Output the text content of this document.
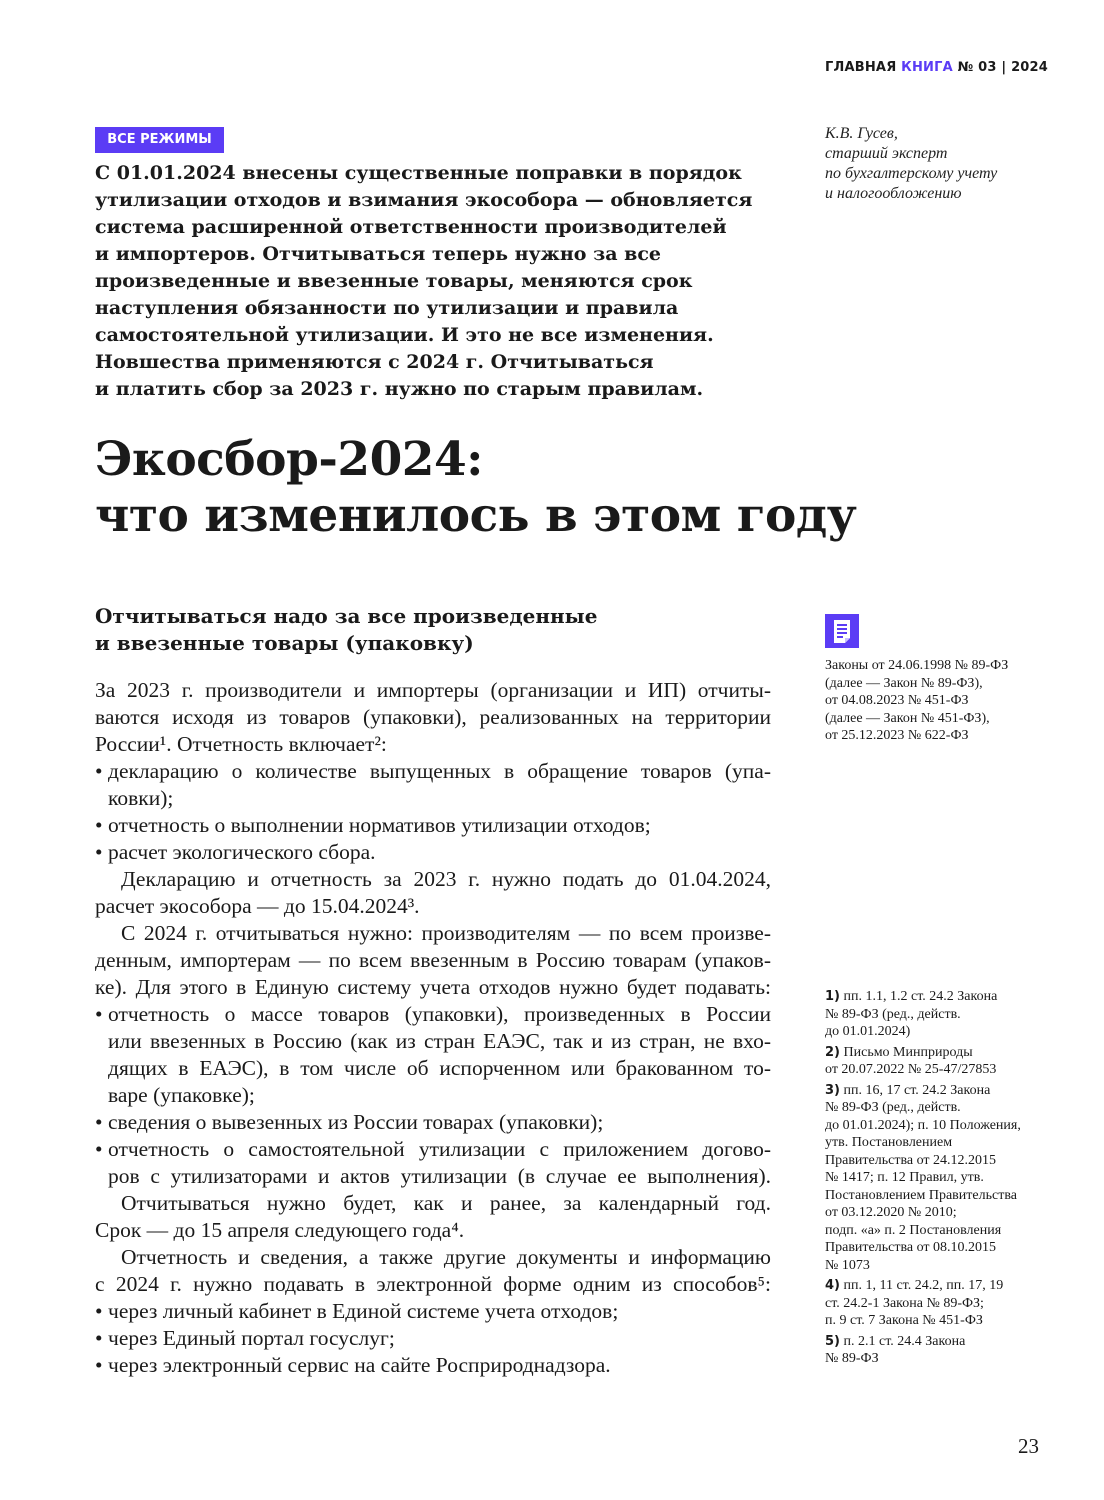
ГЛАВНАЯ КНИГА № 03 | 2024
ВСЕ РЕЖИМЫ	К.В. Гусев,
старший эксперт
по бухгалтерскому учету
и налогообложению
С 01.01.2024 внесены существенные поправки в порядок
утилизации отходов и взимания экособора — обновляется
система расширенной ответственности производителей
и импортеров. Отчитываться теперь нужно за все
произведенные и ввезенные товары, меняются срок
наступления обязанности по утилизации и правила
самостоятельной утилизации. И это не все изменения.
Новшества применяются с 2024 г. Отчитываться
и платить сбор за 2023 г. нужно по старым правилам.
Экосбор-2024:
что изменилось в этом году
Отчитываться надо за все произведенные
и ввезенные товары (упаковку)
За 2023 г. производители и импортеры (организации и ИП) отчиты-
ваются исходя из товаров (упаковки), реализованных на территории
России¹. Отчетность включает²:
• декларацию о количестве выпущенных в обращение товаров (упа-
ковки);
• отчетность о выполнении нормативов утилизации отходов;
• расчет экологического сбора.
Декларацию и отчетность за 2023 г. нужно подать до 01.04.2024,
расчет экособора — до 15.04.2024³.
С 2024 г. отчитываться нужно: производителям — по всем произве-
денным, импортерам — по всем ввезенным в Россию товарам (упаков-
ке). Для этого в Единую систему учета отходов нужно будет подавать:
• отчетность о массе товаров (упаковки), произведенных в России
или ввезенных в Россию (как из стран ЕАЭС, так и из стран, не вхо-
дящих в ЕАЭС), в том числе об испорченном или бракованном то-
варе (упаковке);
• сведения о вывезенных из России товарах (упаковки);
• отчетность о самостоятельной утилизации с приложением догово-
ров с утилизаторами и актов утилизации (в случае ее выполнения).
Отчитываться нужно будет, как и ранее, за календарный год.
Срок — до 15 апреля следующего года⁴.
Отчетность и сведения, а также другие документы и информацию
с 2024 г. нужно подавать в электронной форме одним из способов⁵:
• через личный кабинет в Единой системе учета отходов;
• через Единый портал госуслуг;
• через электронный сервис на сайте Росприроднадзора.
Законы от 24.06.1998 № 89-ФЗ
(далее — Закон № 89-ФЗ),
от 04.08.2023 № 451-ФЗ
(далее — Закон № 451-ФЗ),
от 25.12.2023 № 622-ФЗ
1) пп. 1.1, 1.2 ст. 24.2 Закона
№ 89-ФЗ (ред., действ.
до 01.01.2024)
2) Письмо Минприроды
от 20.07.2022 № 25-47/27853
3) пп. 16, 17 ст. 24.2 Закона
№ 89-ФЗ (ред., действ.
до 01.01.2024); п. 10 Положения,
утв. Постановлением
Правительства от 24.12.2015
№ 1417; п. 12 Правил, утв.
Постановлением Правительства
от 03.12.2020 № 2010;
подп. «а» п. 2 Постановления
Правительства от 08.10.2015
№ 1073
4) пп. 1, 11 ст. 24.2, пп. 17, 19
ст. 24.2-1 Закона № 89-ФЗ;
п. 9 ст. 7 Закона № 451-ФЗ
5) п. 2.1 ст. 24.4 Закона
№ 89-ФЗ
23
